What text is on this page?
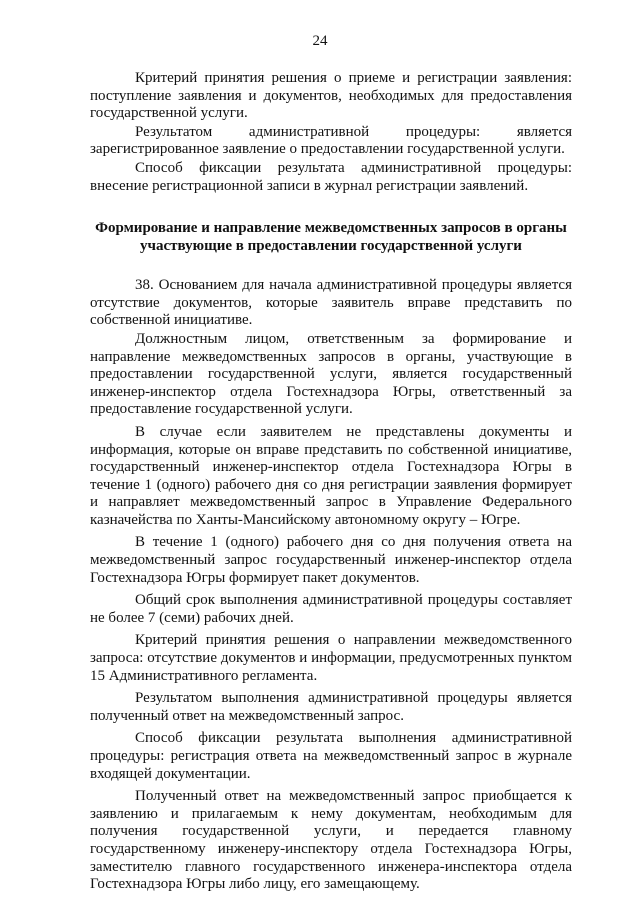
24

Критерий принятия решения о приеме и регистрации заявления: поступление заявления и документов, необходимых для предоставления государственной услуги.

Результатом административной процедуры: является зарегистрированное заявление о предоставлении государственной услуги.

Способ фиксации результата административной процедуры: внесение регистрационной записи в журнал регистрации заявлений.

Формирование и направление межведомственных запросов в органы участвующие в предоставлении государственной услуги

38. Основанием для начала административной процедуры является отсутствие документов, которые заявитель вправе представить по собственной инициативе.

Должностным лицом, ответственным за формирование и направление межведомственных запросов в органы, участвующие в предоставлении государственной услуги, является государственный инженер-инспектор отдела Гостехнадзора Югры, ответственный за предоставление государственной услуги.

В случае если заявителем не представлены документы и информация, которые он вправе представить по собственной инициативе, государственный инженер-инспектор отдела Гостехнадзора Югры в течение 1 (одного) рабочего дня со дня регистрации заявления формирует и направляет межведомственный запрос в Управление Федерального казначейства по Ханты-Мансийскому автономному округу – Югре.

В течение 1 (одного) рабочего дня со дня получения ответа на межведомственный запрос государственный инженер-инспектор отдела Гостехнадзора Югры формирует пакет документов.

Общий срок выполнения административной процедуры составляет не более 7 (семи) рабочих дней.

Критерий принятия решения о направлении межведомственного запроса: отсутствие документов и информации, предусмотренных пунктом 15 Административного регламента.

Результатом выполнения административной процедуры является полученный ответ на межведомственный запрос.

Способ фиксации результата выполнения административной процедуры: регистрация ответа на межведомственный запрос в журнале входящей документации.

Полученный ответ на межведомственный запрос приобщается к заявлению и прилагаемым к нему документам, необходимым для получения государственной услуги, и передается главному государственному инженеру-инспектору отдела Гостехнадзора Югры, заместителю главного государственного инженера-инспектора отдела Гостехнадзора Югры либо лицу, его замещающему.
